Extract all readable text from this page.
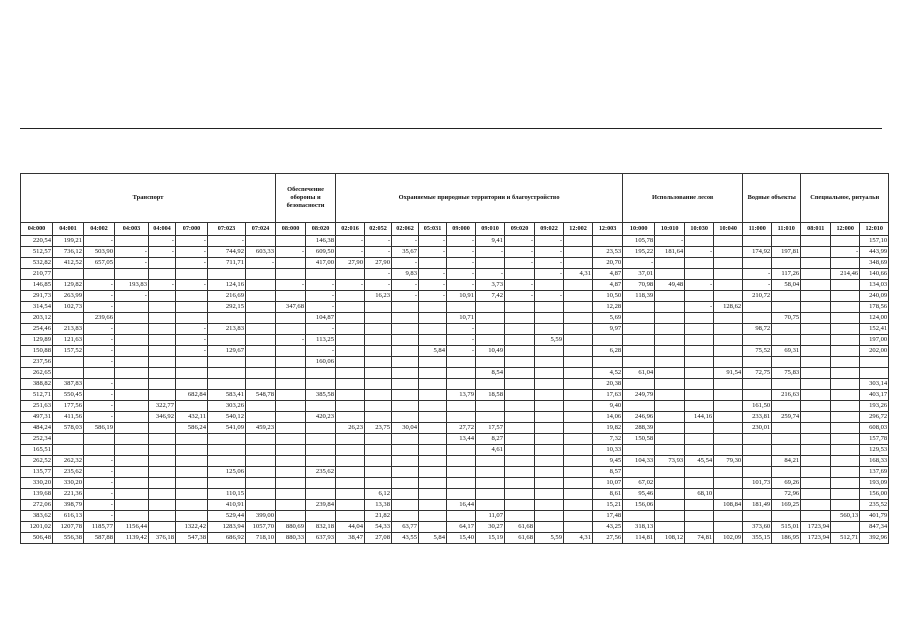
Транспорт								Обеспечение обороны и безопасности		Охраняемые природные территории и благоустройство										Использование лесов				Водные объекты		Специальное, ритуальн		
04:000	04:001	04:002	04:003	04:004	07:000	07:023	07:024	08:000	08:020	02:016	02:052	02:062	05:031	09:000	09:010	09:020	09:022	12:002	12:003	10:000	10:010	10:030	10:040	11:000	11:010	08:011	12:000	12:010
220,54	199,21	-		-	-	-			146,38	-	-	-	-	-	9,41	-	-			105,78	-							157,10
512,57	736,12	503,90	-	-	-	744,92	603,33	-	609,50	-	-	35,67	-	-	-	-	-		23,53	195,22	181,64	-		174,92	197,81		-	443,99
532,82	412,52	657,05	-		-	711,71	-		417,00	27,90	27,90	-		-		-	-		20,70	-								348,69
210,77											-	9,83	-	-	-		-	4,31	4,87	37,01				-	117,26		214,46	140,66
146,85	129,82	-	193,83	-	-	124,16		-	-	-	-	-	-	-	3,73	-			4,87	70,98	49,48	-		-	58,04			134,03
291,73	263,99	-	-			216,69			-		16,23	-	-	10,91	7,42	-	-		10,50	118,39				210,72				240,09
314,54	102,73	-				292,15		347,68	-										12,28			-	128,62					178,56
203,12		239,66							104,87					10,71					5,69						70,75			124,00
254,46	213,83	-			-	213,83			-					-					9,97					98,72				152,41
129,89	121,63	-			-			-	113,25					-			5,59											197,00
150,88	157,52	-			-	129,67			-				5,84	-	10,49				6,28					75,52	69,31			202,00
237,56		-							160,06																			
262,65															8,54				4,52	61,04			91,54	72,75	75,83			
388,82	387,83	-																	20,38									303,14
512,71	550,45	-			682,84	583,41	548,78		385,58					13,79	18,58				17,63	249,79					216,63			403,17
251,63	177,56	-		322,77		303,26													9,40					161,50				193,26
497,31	411,56	-		346,92	432,11	540,12			420,23										14,06	246,96		144,16		233,81	259,74			296,72
484,24	578,03	586,19			586,24	541,09	459,23			26,23	23,75	30,04		27,72	17,57				19,82	288,39				230,01				608,03
252,34														13,44	8,27				7,32	150,58								157,78
165,51															4,61				10,33									129,53
262,52	262,32	-																	9,45	104,33	73,93	45,54	79,30		84,21			168,33
135,77	235,62	-				125,06			235,62										8,57									137,69
330,20	330,20	-																	10,07	67,02				101,73	69,26			193,09
139,68	221,36	-				110,15					6,12								8,61	95,46		68,10			72,96			156,00
272,06	398,79	-				410,91			239,84		13,38			16,44					15,21	156,06			108,84	181,49	169,25			235,52
383,62	616,13	-				529,44	399,00				21,82				11,07				17,48								560,13	401,79
1201,02	1207,78	1185,77	1156,44		1322,42	1283,94	1057,70	880,69	832,18	44,04	54,33	63,77		64,17	30,27	61,68			43,25	318,13				373,60	515,01	1723,94		847,34
506,48	556,38	587,88	1139,42	376,18	547,38	686,92	718,10	880,33	637,93	38,47	27,08	43,55	5,84	15,40	15,19	61,68	5,59	4,31	27,56	114,81	108,12	74,81	102,09	355,15	186,95	1723,94	512,71	392,96
